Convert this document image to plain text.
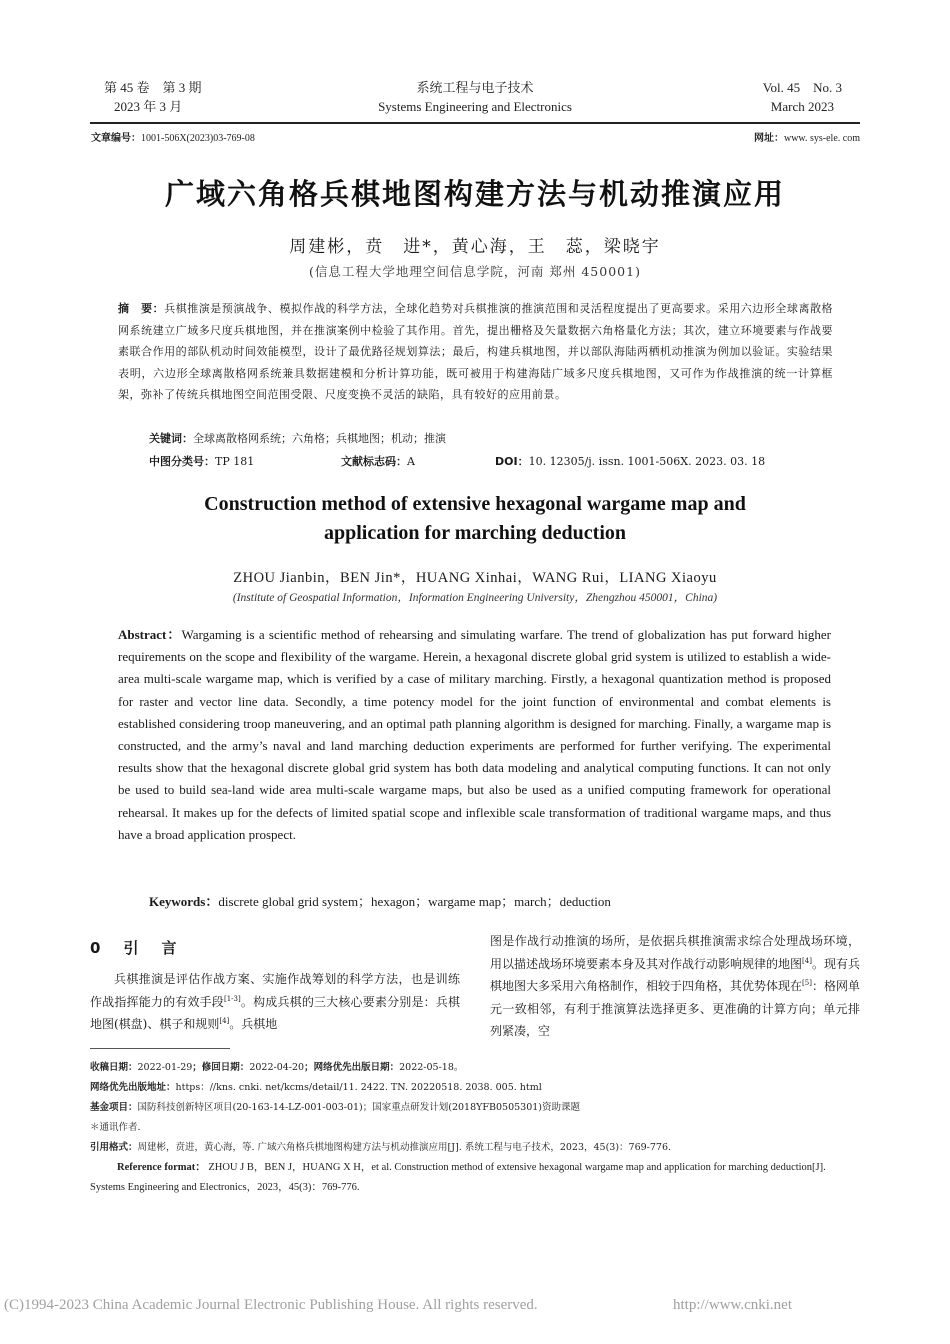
第 45 卷　第 3 期
2023 年 3 月
系统工程与电子技术
Systems Engineering and Electronics
Vol. 45　No. 3
March 2023
文章编号：1001-506X(2023)03-769-08	网址：www. sys-ele. com
广域六角格兵棋地图构建方法与机动推演应用
周建彬，贲　进*，黄心海，王　蕊，梁晓宇
(信息工程大学地理空间信息学院，河南 郑州 450001)
摘　要：兵棋推演是预演战争、模拟作战的科学方法，全球化趋势对兵棋推演的推演范围和灵活程度提出了更高要求。采用六边形全球离散格网系统建立广域多尺度兵棋地图，并在推演案例中检验了其作用。首先，提出栅格及矢量数据六角格量化方法；其次，建立环境要素与作战要素联合作用的部队机动时间效能模型，设计了最优路径规划算法；最后，构建兵棋地图，并以部队海陆两栖机动推演为例加以验证。实验结果表明，六边形全球离散格网系统兼具数据建模和分析计算功能，既可被用于构建海陆广域多尺度兵棋地图，又可作为作战推演的统一计算框架，弥补了传统兵棋地图空间范围受限、尺度变换不灵活的缺陷，具有较好的应用前景。
关键词：全球离散格网系统；六角格；兵棋地图；机动；推演
中图分类号：TP 181	文献标志码：A	DOI：10. 12305/j. issn. 1001-506X. 2023. 03. 18
Construction method of extensive hexagonal wargame map and
application for marching deduction
ZHOU Jianbin，BEN Jin*，HUANG Xinhai，WANG Rui，LIANG Xiaoyu
(Institute of Geospatial Information，Information Engineering University，Zhengzhou 450001，China)
Abstract：Wargaming is a scientific method of rehearsing and simulating warfare. The trend of globalization has put forward higher requirements on the scope and flexibility of the wargame. Herein, a hexagonal discrete global grid system is utilized to establish a wide-area multi-scale wargame map, which is verified by a case of military marching. Firstly, a hexagonal quantization method is proposed for raster and vector line data. Secondly, a time potency model for the joint function of environmental and combat elements is established considering troop maneuvering, and an optimal path planning algorithm is designed for marching. Finally, a wargame map is constructed, and the army’s naval and land marching deduction experiments are performed for further verifying. The experimental results show that the hexagonal discrete global grid system has both data modeling and analytical computing functions. It can not only be used to build sea-land wide area multi-scale wargame maps, but also be used as a unified computing framework for operational rehearsal. It makes up for the defects of limited spatial scope and inflexible scale transformation of traditional wargame maps, and thus have a broad application prospect.
Keywords：discrete global grid system；hexagon；wargame map；march；deduction
0  引　言

兵棋推演是评估作战方案、实施作战筹划的科学方法，也是训练作战指挥能力的有效手段[1-3]。构成兵棋的三大核心要素分别是：兵棋地图(棋盘)、棋子和规则[4]。兵棋地

图是作战行动推演的场所，是依据兵棋推演需求综合处理战场环境，用以描述战场环境要素本身及其对作战行动影响规律的地图[4]。现有兵棋地图大多采用六角格制作，相较于四角格，其优势体现在[5]：格网单元一致相邻，有利于推演算法选择更多、更准确的计算方向；单元排列紧凑，空

收稿日期：2022-01-29；修回日期：2022-04-20；网络优先出版日期：2022-05-18。
网络优先出版地址：https：//kns. cnki. net/kcms/detail/11. 2422. TN. 20220518. 2038. 005. html
基金项目：国防科技创新特区项目(20-163-14-LZ-001-003-01)；国家重点研发计划(2018YFB0505301)资助课题
＊通讯作者.
引用格式：周建彬，贲进，黄心海，等. 广域六角格兵棋地图构建方法与机动推演应用[J]. 系统工程与电子技术，2023，45(3)：769-776.
Reference format： ZHOU J B，BEN J，HUANG X H，et al. Construction method of extensive hexagonal wargame map and application for marching deduction[J]. Systems Engineering and Electronics，2023，45(3)：769-776.
(C)1994-2023 China Academic Journal Electronic Publishing House. All rights reserved.	http://www.cnki.net
